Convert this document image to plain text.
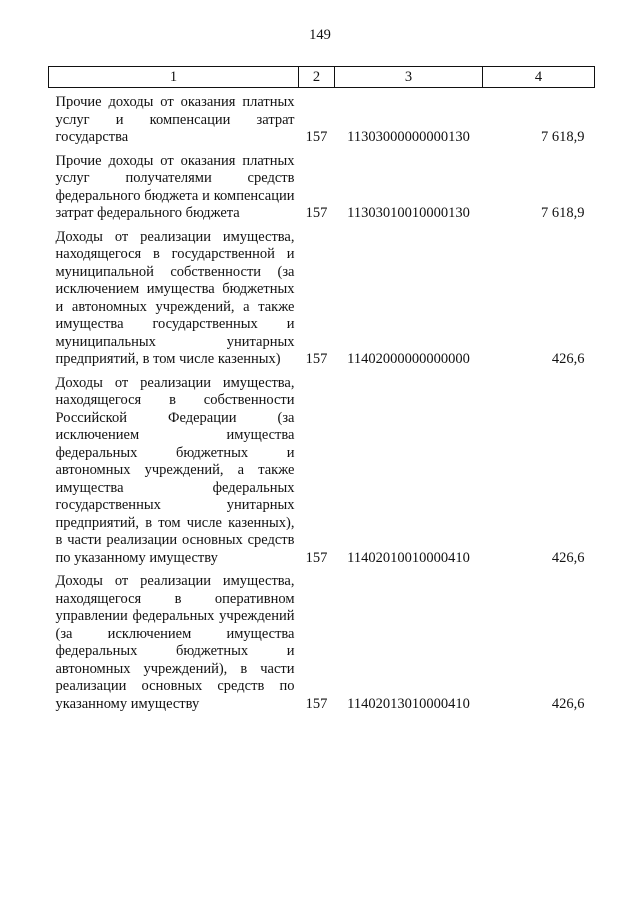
149
1	2	3	4
Прочие доходы от оказания платных услуг и компенсации затрат государства	157	11303000000000130	7 618,9
Прочие доходы от оказания платных услуг получателями средств федерального бюджета и компенсации затрат федерального бюджета	157	11303010010000130	7 618,9
Доходы от реализации имущества, находящегося в государственной и муниципальной собственности (за исключением имущества бюджетных и автономных учреждений, а также имущества государственных и муниципальных унитарных предприятий, в том числе казенных)	157	11402000000000000	426,6
Доходы от реализации имущества, находящегося в собственности Российской Федерации (за исключением имущества федеральных бюджетных и автономных учреждений, а также имущества федеральных государственных унитарных предприятий, в том числе казенных), в части реализации основных средств по указанному имуществу	157	11402010010000410	426,6
Доходы от реализации имущества, находящегося в оперативном управлении федеральных учреждений (за исключением имущества федеральных бюджетных и автономных учреждений), в части реализации основных средств по указанному имуществу	157	11402013010000410	426,6
